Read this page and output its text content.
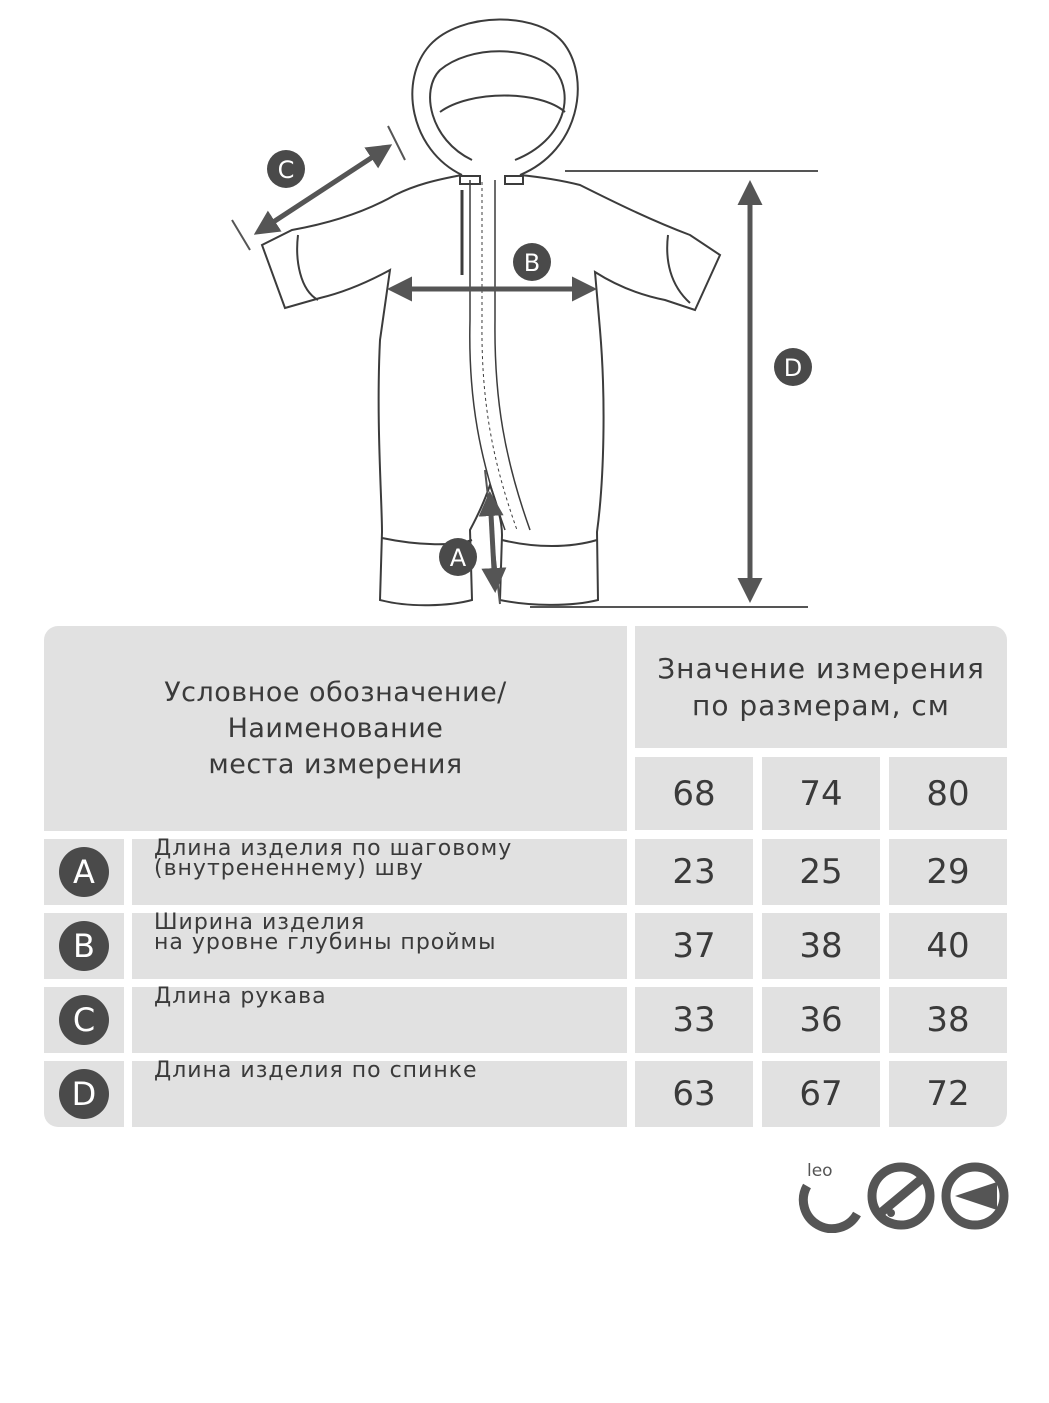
C
B
D
A
Условное обозначение/
Наименование
места измерения
Значение измерения
по размерам, см
68	74	80
A
Длина изделия по шаговому
(внутрененнему) шву	23	25	29
B
Ширина изделия
на уровне глубины проймы	37	38	40
C
Длина рукава
33	36	38
D
Длина изделия по спинке
63	67	72
leo
